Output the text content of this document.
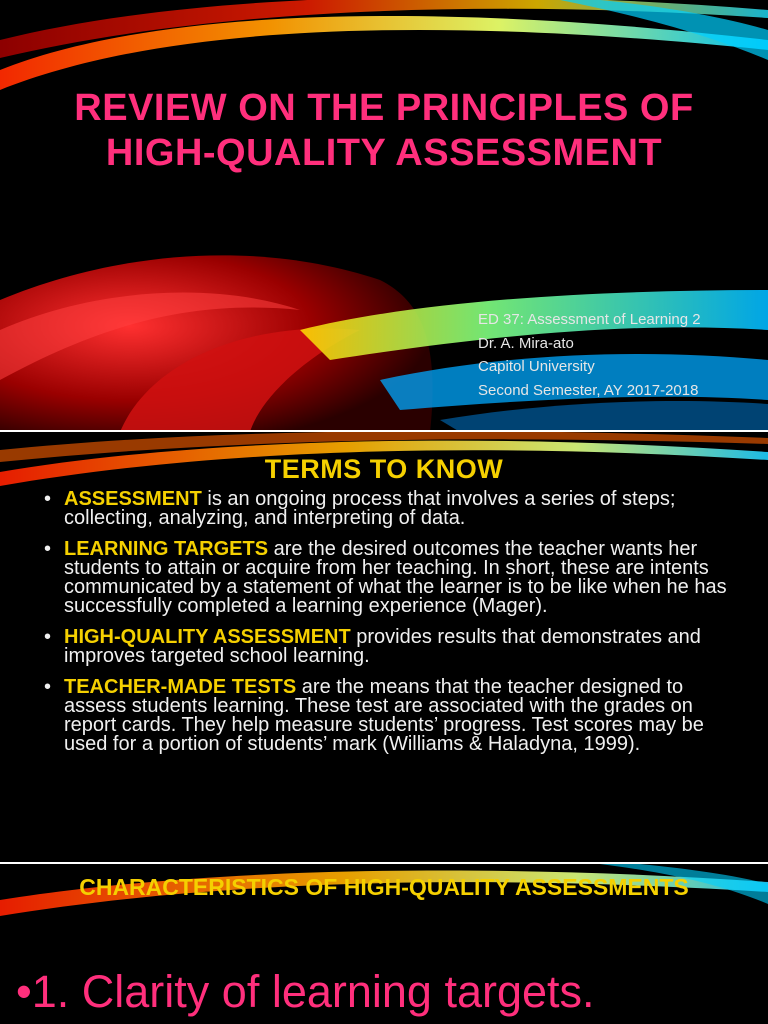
REVIEW ON THE PRINCIPLES OF HIGH-QUALITY ASSESSMENT
ED 37: Assessment of Learning 2
Dr. A. Mira-ato
Capitol University
Second Semester, AY 2017-2018
TERMS TO KNOW
• ASSESSMENT is an ongoing process that involves a series of steps; collecting, analyzing, and interpreting of data.
• LEARNING TARGETS are the desired outcomes the teacher wants her students to attain or acquire from her teaching. In short, these are intents communicated by a statement of what the learner is to be like when he has successfully completed a learning experience (Mager).
• HIGH-QUALITY ASSESSMENT provides results that demonstrates and improves targeted school learning.
• TEACHER-MADE TESTS are the means that the teacher designed to assess students learning. These test are associated with the grades on report cards. They help measure students’ progress. Test scores may be used for a portion of students’ mark (Williams & Haladyna, 1999).
CHARACTERISTICS OF HIGH-QUALITY ASSESSMENTS
•1. Clarity of learning targets.
